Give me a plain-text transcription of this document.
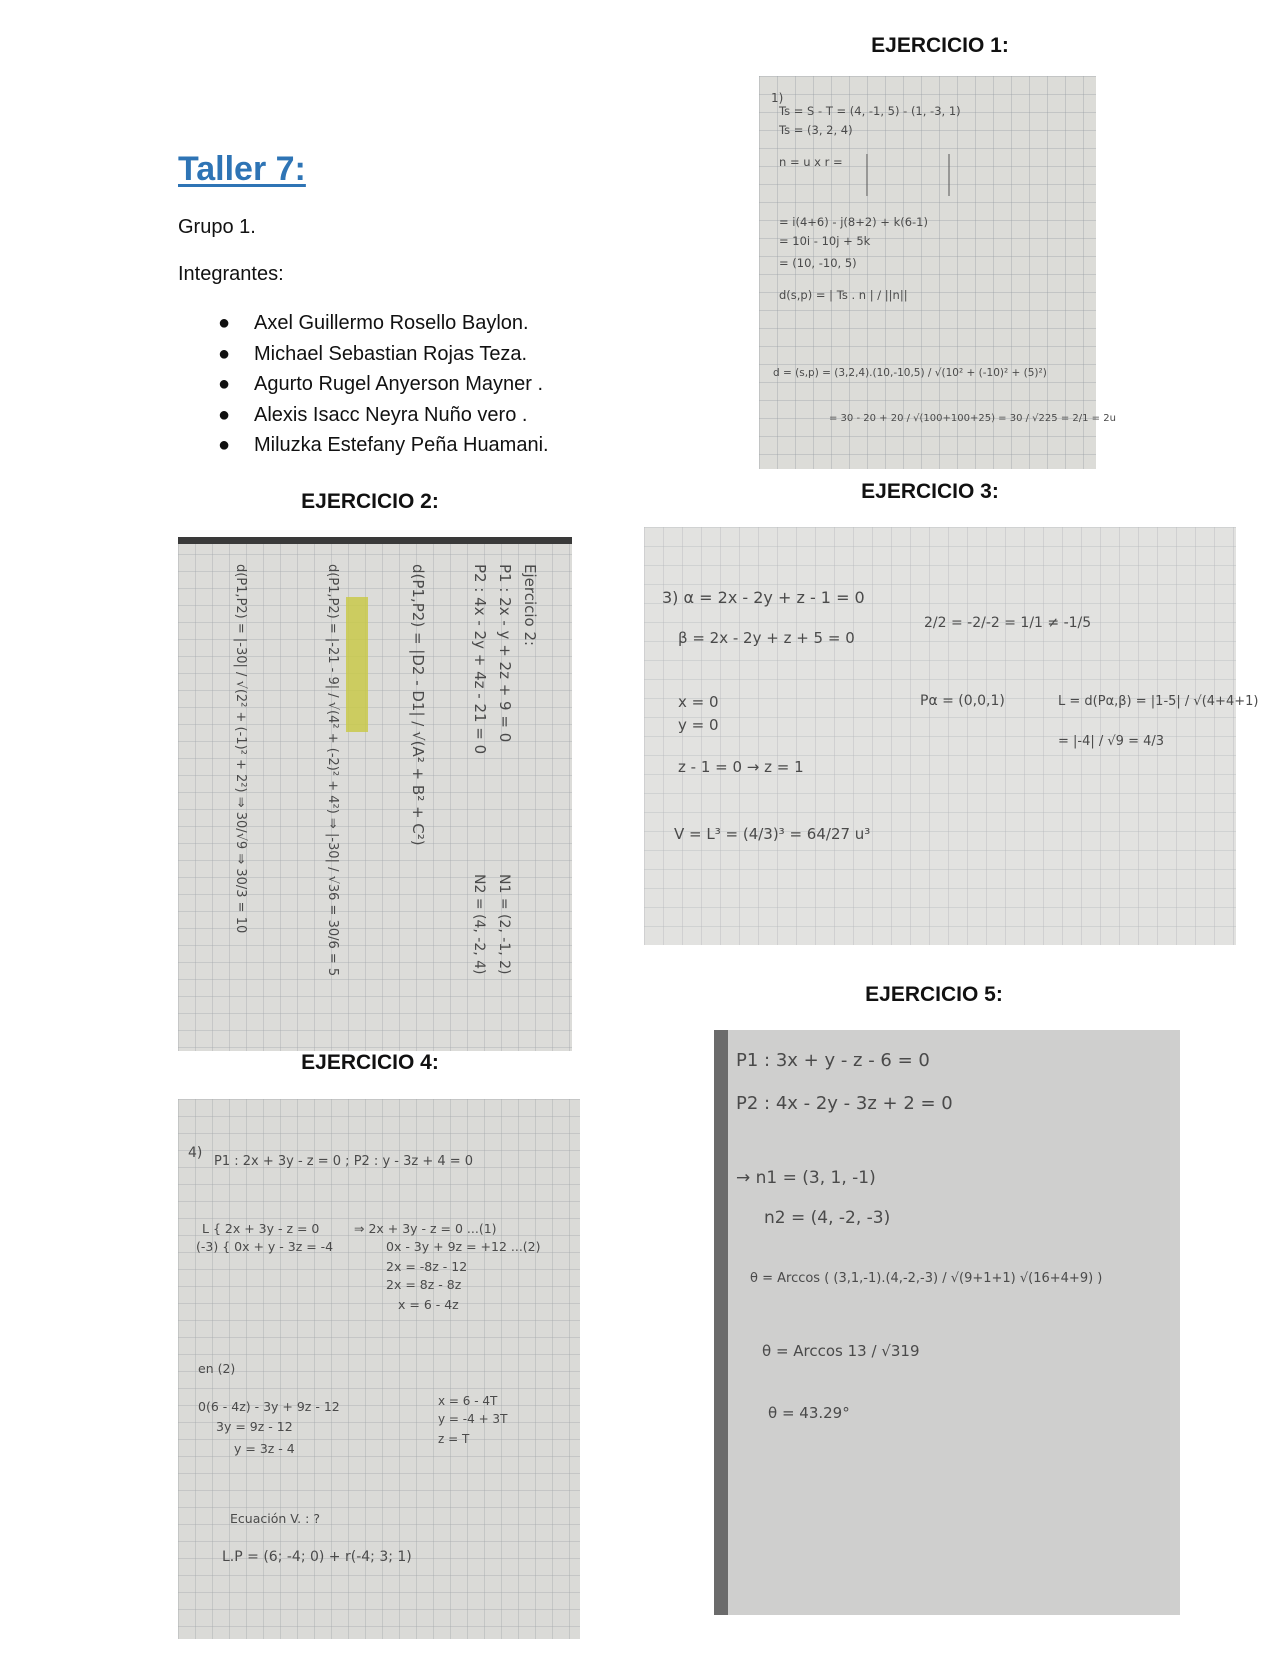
Taller 7:
Grupo 1.
Integrantes:
● Axel Guillermo Rosello Baylon.
● Michael Sebastian Rojas Teza.
● Agurto Rugel Anyerson Mayner .
● Alexis Isacc Neyra Nuño vero .
● Miluzka Estefany Peña Huamani.
EJERCICIO 1:
EJERCICIO 2:	EJERCICIO 3:
EJERCICIO 4:
EJERCICIO 5:
1)
Ts = S - T = (4, -1, 5) - (1, -3, 1)
Ts = (3, 2, 4)
n = u x r =
= i(4+6) - j(8+2) + k(6-1)
= 10i - 10j + 5k
= (10, -10, 5)
d(s,p) = | Ts . n | / ||n||
d = (s,p) = (3,2,4).(10,-10,5) / √(10² + (-10)² + (5)²)
= 30 - 20 + 20 / √(100+100+25) = 30 / √225 = 2/1 = 2u
Ejercicio 2:
P1 : 2x - y + 2z + 9 = 0
P2 : 4x - 2y + 4z - 21 = 0
N1 = (2, -1, 2)
N2 = (4, -2, 4)
d(P1,P2) = |D2 - D1| / √(A² + B² + C²)
d(P1,P2) = |-21 - 9| / √(4² + (-2)² + 4²) ⇒ |-30| / √36 = 30/6 = 5
d(P1,P2) = |-30| / √(2² + (-1)² + 2²) ⇒ 30/√9 ⇒ 30/3 = 10	3) α = 2x - 2y + z - 1 = 0
β = 2x - 2y + z + 5 = 0
2/2 = -2/-2 = 1/1 ≠ -1/5
x = 0
y = 0
Pα = (0,0,1)	L = d(Pα,β) = |1-5| / √(4+4+1)
= |-4| / √9 = 4/3
z - 1 = 0 → z = 1
V = L³ = (4/3)³ = 64/27 u³
4)
P1 : 2x + 3y - z = 0 ; P2 : y - 3z + 4 = 0
L { 2x + 3y - z = 0
(-3) { 0x + y - 3z = -4
⇒ 2x + 3y - z = 0 ...(1)
0x - 3y + 9z = +12 ...(2)
2x = -8z - 12
2x = 8z - 8z
x = 6 - 4z
en (2)
0(6 - 4z) - 3y + 9z - 12
3y = 9z - 12
y = 3z - 4
x = 6 - 4T
y = -4 + 3T
z = T
Ecuación V. : ?
L.P = (6; -4; 0) + r(-4; 3; 1)
P1 : 3x + y - z - 6 = 0
P2 : 4x - 2y - 3z + 2 = 0
→ n1 = (3, 1, -1)
n2 = (4, -2, -3)
θ = Arccos ( (3,1,-1).(4,-2,-3) / √(9+1+1) √(16+4+9) )
θ = Arccos 13 / √319
θ = 43.29°
